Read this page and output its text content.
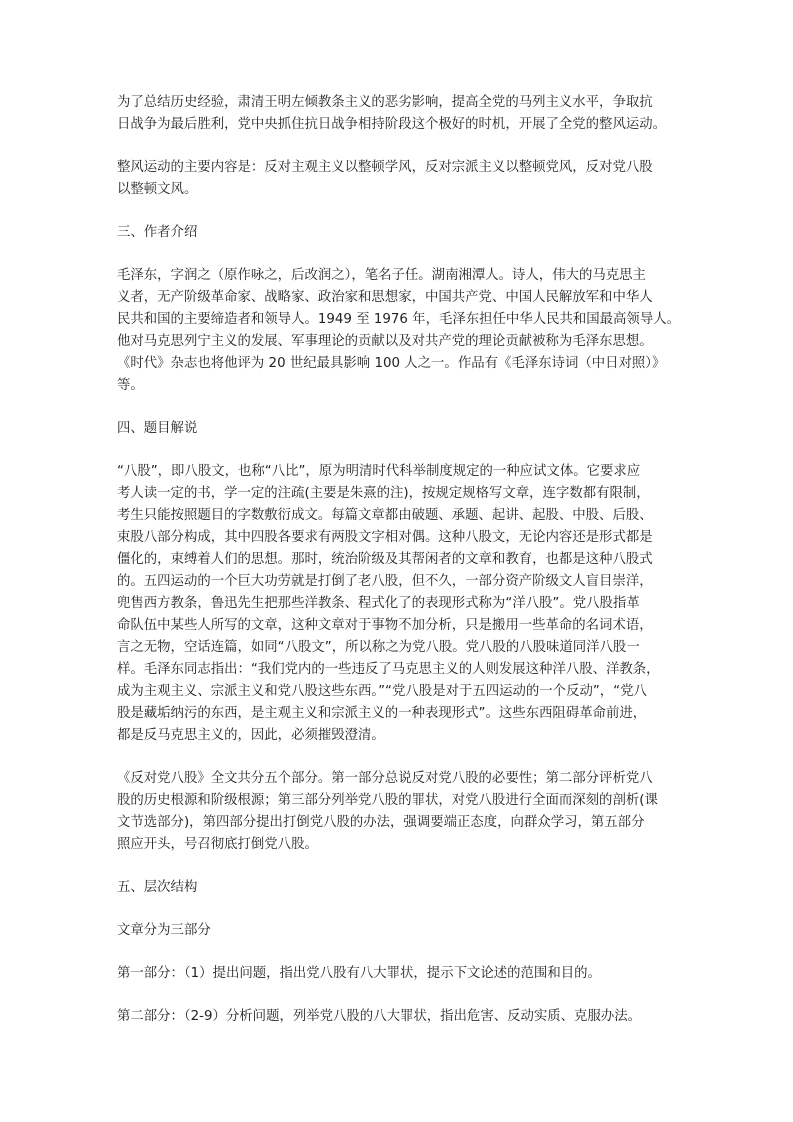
为了总结历史经验，肃清王明左倾教条主义的恶劣影响，提高全党的马列主义水平，争取抗
日战争为最后胜利，党中央抓住抗日战争相持阶段这个极好的时机，开展了全党的整风运动。

整风运动的主要内容是：反对主观主义以整顿学风，反对宗派主义以整顿党风，反对党八股
以整顿文风。

三、作者介绍

毛泽东，字润之（原作咏之，后改润之），笔名子任。湖南湘潭人。诗人，伟大的马克思主
义者，无产阶级革命家、战略家、政治家和思想家，中国共产党、中国人民解放军和中华人
民共和国的主要缔造者和领导人。1949 至 1976 年，毛泽东担任中华人民共和国最高领导人。
他对马克思列宁主义的发展、军事理论的贡献以及对共产党的理论贡献被称为毛泽东思想。
《时代》杂志也将他评为 20 世纪最具影响 100 人之一。作品有《毛泽东诗词（中日对照）》
等。

四、题目解说

“八股”，即八股文，也称“八比”，原为明清时代科举制度规定的一种应试文体。它要求应
考人读一定的书，学一定的注疏(主要是朱熹的注)，按规定规格写文章，连字数都有限制，
考生只能按照题目的字数敷衍成文。每篇文章都由破题、承题、起讲、起股、中股、后股、
束股八部分构成，其中四股各要求有两股文字相对偶。这种八股文，无论内容还是形式都是
僵化的，束缚着人们的思想。那时，统治阶级及其帮闲者的文章和教育，也都是这种八股式
的。五四运动的一个巨大功劳就是打倒了老八股，但不久，一部分资产阶级文人盲目崇洋，
兜售西方教条，鲁迅先生把那些洋教条、程式化了的表现形式称为“洋八股”。党八股指革
命队伍中某些人所写的文章，这种文章对于事物不加分析，只是搬用一些革命的名词术语，
言之无物，空话连篇，如同“八股文”，所以称之为党八股。党八股的八股味道同洋八股一
样。毛泽东同志指出：“我们党内的一些违反了马克思主义的人则发展这种洋八股、洋教条，
成为主观主义、宗派主义和党八股这些东西。”“党八股是对于五四运动的一个反动”，“党八
股是藏垢纳污的东西，是主观主义和宗派主义的一种表现形式”。这些东西阻碍革命前进，
都是反马克思主义的，因此，必须摧毁澄清。

《反对党八股》全文共分五个部分。第一部分总说反对党八股的必要性；第二部分评析党八
股的历史根源和阶级根源；第三部分列举党八股的罪状，对党八股进行全面而深刻的剖析(课
文节选部分)，第四部分提出打倒党八股的办法，强调要端正态度，向群众学习，第五部分
照应开头，号召彻底打倒党八股。

五、层次结构

文章分为三部分

第一部分：（1）提出问题，指出党八股有八大罪状，提示下文论述的范围和目的。

第二部分：（2-9）分析问题，列举党八股的八大罪状，指出危害、反动实质、克服办法。
